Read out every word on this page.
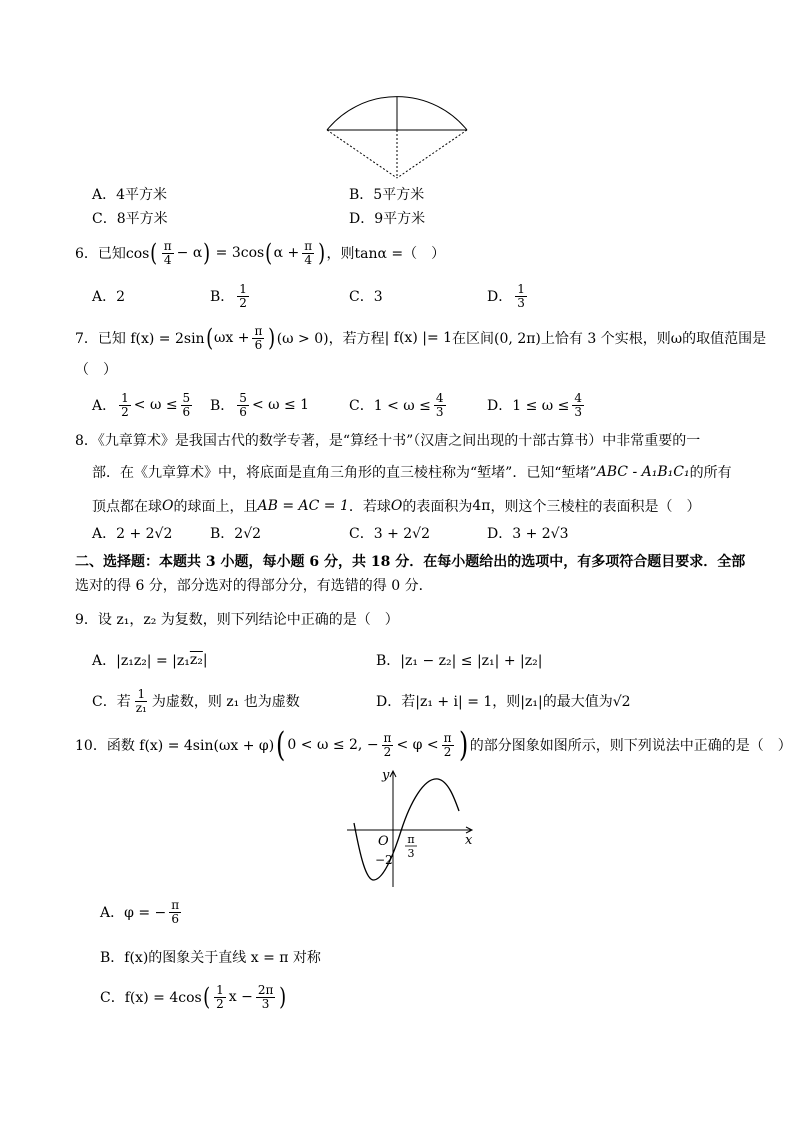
A．4平方米	B．5平方米
C．8平方米	D．9平方米
6．已知cos ( $\frac{\pi}{4} - \alpha$ ) = 3cos ( $\alpha + \frac{\pi}{4}$ ) ，则tanα =（　）
A．2	B． $\frac{1}{2}$	C．3	D． $\frac{1}{3}$
7．已知 f(x) = 2sin ( $\omega x + \frac{\pi}{6}$ ) (ω > 0)，若方程 | f(x) |= 1 在区间(0, 2π)上恰有 3 个实根，则ω的取值范围是
（　）
A． $\frac{1}{2} < \omega \le \frac{5}{6}$ B． $\frac{5}{6} < \omega \le 1$	C．$1 < \omega \le \frac{4}{3}$	D．$1 \le \omega \le \frac{4}{3}$
8．《九章算术》是我国古代的数学专著，是“算经十书”（汉唐之间出现的十部古算书）中非常重要的一
部．在《九章算术》中，将底面是直角三角形的直三棱柱称为“堑堵”．已知“堑堵” ABC - A₁B₁C₁ 的所有
顶点都在球 O 的球面上，且 AB = AC = 1 ．若球 O 的表面积为 4π ，则这个三棱柱的表面积是（　）
A．2 + 2√2	B．2√2	C．3 + 2√2	D．3 + 2√3
二、选择题：本题共 3 小题，每小题 6 分，共 18 分．在每小题给出的选项中，有多项符合题目要求．全部
选对的得 6 分，部分选对的得部分分，有选错的得 0 分．
9．设 z₁，z₂ 为复数，则下列结论中正确的是（　）
A．|z₁z₂| = |z₁ z₂ |	B．|z₁ − z₂| ≤ |z₁| + |z₂|
C．若 $\frac{1}{\text{z₁}}$ 为虚数，则 z₁ 也为虚数	D．若|z₁ + i| = 1，则|z₁|的最大值为√2
10．函数 f(x) = 4sin(ωx + φ) ( 0 < ω ≤ 2, − $\frac{\pi}{2} < \varphi < \frac{\pi}{2}$ ) 的部分图象如图所示，则下列说法中正确的是（　）
y
x
O
−2
π
3
A．φ = − $\frac{\pi}{6}$
B．f(x)的图象关于直线 x = π 对称
C．f(x) = 4cos ( $\frac{1}{2}$ $x - \frac{2\pi}{3}$ )
